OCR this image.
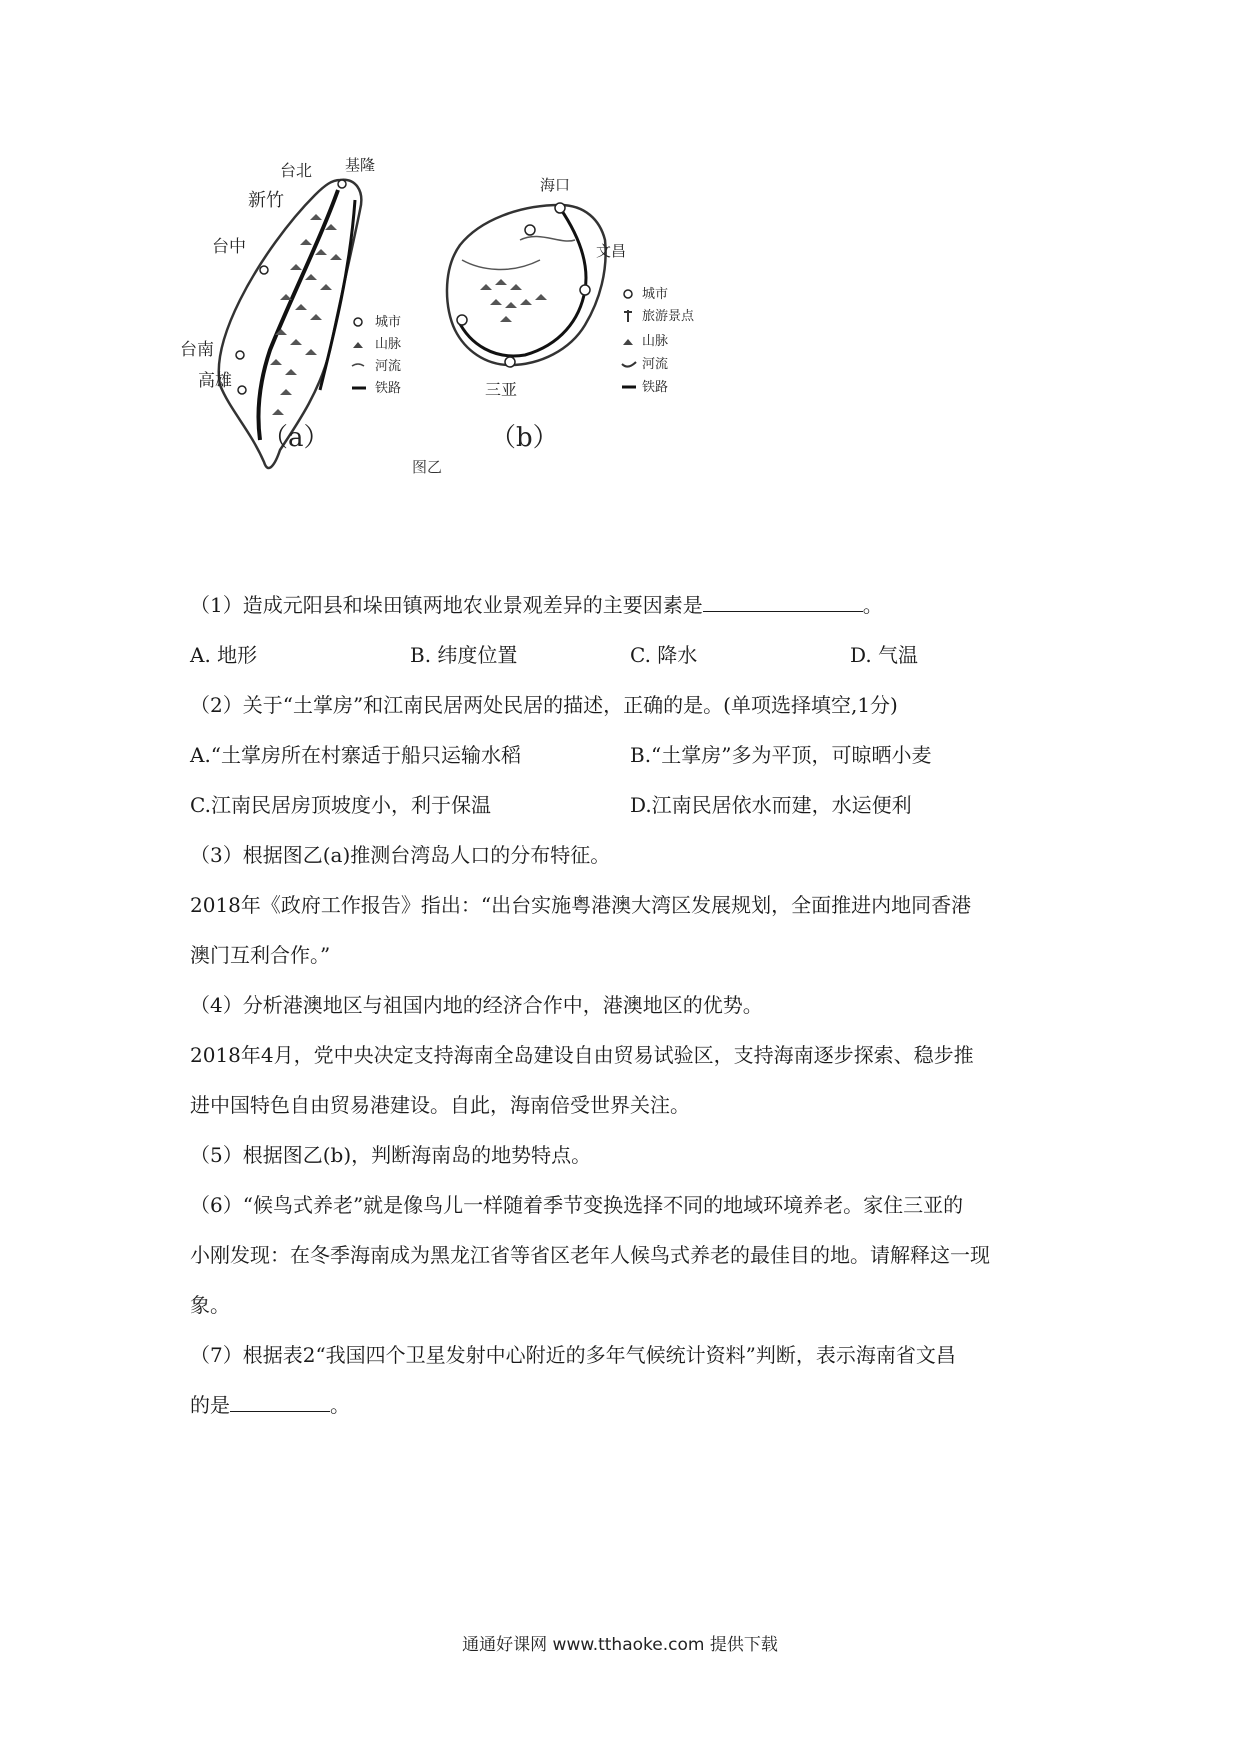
台北 基隆
新竹
台中
台南
高雄
城市
山脉
河流
铁路
（a）
海口
文昌
三亚
城市
旅游景点
山脉
河流
铁路
（b）
图乙
（1）造成元阳县和垛田镇两地农业景观差异的主要因素是	。
A. 地形	B. 纬度位置	C. 降水	D. 气温
（2）关于“土掌房”和江南民居两处民居的描述，正确的是。(单项选择填空,1分)
A.“土掌房所在村寨适于船只运输水稻	B.“土掌房”多为平顶，可晾晒小麦
C.江南民居房顶坡度小，利于保温	D.江南民居依水而建，水运便利
（3）根据图乙(a)推测台湾岛人口的分布特征。
2018年《政府工作报告》指出：“出台实施粤港澳大湾区发展规划，全面推进内地同香港
澳门互利合作。”
（4）分析港澳地区与祖国内地的经济合作中，港澳地区的优势。
2018年4月，党中央决定支持海南全岛建设自由贸易试验区，支持海南逐步探索、稳步推
进中国特色自由贸易港建设。自此，海南倍受世界关注。
（5）根据图乙(b)，判断海南岛的地势特点。
（6）“候鸟式养老”就是像鸟儿一样随着季节变换选择不同的地域环境养老。家住三亚的
小刚发现：在冬季海南成为黑龙江省等省区老年人候鸟式养老的最佳目的地。请解释这一现
象。
（7）根据表2“我国四个卫星发射中心附近的多年气候统计资料”判断，表示海南省文昌
的是	。
通通好课网 www.tthaoke.com 提供下载
